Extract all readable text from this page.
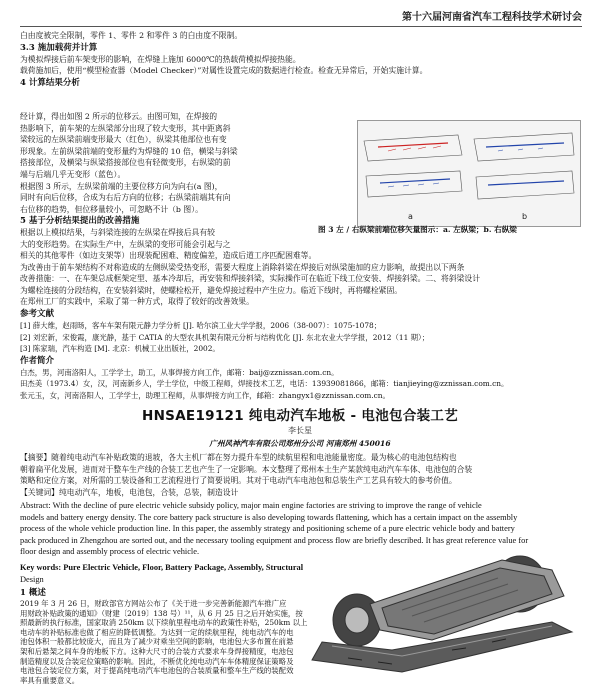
第十六届河南省汽车工程科技学术研讨会

白由度被完全限制，零件 1、零件 2 和零件 3 的白由度不限制。

3.3 施加载荷并计算

为模拟焊接后前车架变形的影响，在焊缝上施加 6000℃的热载荷模拟焊接热能。

载荷施加后，使用“模型检查器（Model Checker）”对属性设置完成的数据进行检查。检查无异常后，开始实施计算。

4 计算结果分析

经计算，得出如图 2 所示的位移云。由图可知，在焊接的

热影响下，前车架的左纵梁部分出现了较大变形，其中距离斜

梁较远的左纵梁前端变形最大（红色），纵梁其他部位也有变

形现象。左前纵梁前端的变形量约为焊缝的 10 倍，横梁与斜梁

搭接部位，及横梁与纵梁搭接部位也有轻微变形，右纵梁的前

端与后端几乎无变形（蓝色）。

根据图 3 所示，左纵梁前端的主要位移方向为向右(a 图)，

同时有向后位移，合成为右后方向的位移；右纵梁前端其有向

右位移的趋势，但位移量较小，可忽略不计（b 图）。

5 基于分析结果提出的改善措施

根据以上模拟结果，与斜梁连接的左纵梁在焊接后具有较

大的变形趋势。在实际生产中，左纵梁的变形可能会引起与之

a	b
图 3 左 / 右纵梁前端位移矢量图示：a. 左纵梁；b. 右纵梁

相关的其他零件（如边支架等）出现装配困难、精度偏差，造成后道工序匹配困难等。

为改善由于前车架结构不对称造成的左侧纵梁受热变形，需要大程度上消除斜梁在焊接后对纵梁施加的应力影响，故提出以下两条

改善措施：一、在车架总成框架定型、基本冷却后，再安装和焊接斜梁，实际操作可在临近下线工位安装、焊接斜梁。二、将斜梁设计

为螺栓连接的分段结构，在安装斜梁时，使螺栓松开，避免焊接过程中产生应力。临近下线时，再将螺栓紧固。

在郑州工厂的实践中，采取了第一种方式，取得了较好的改善效果。

参考文献

[1] 薛大维，赵雨旸，客车车架有限元静力学分析 [J]. 哈尔滨工业大学学报，2006（38-007）：1075-1078；

[2] 刘宏新，宋俊霞，康光静，基于 CATIA 的大型农具机架有限元分析与结构优化 [J]. 东北农业大学学报，2012（11 期）；

[3] 陈家瑞，汽车构造 [M]. 北京：机械工业出版社，2002。

作者简介

白杰，男，河南洛阳人，工学学士，助工，从事焊接方向工作，邮箱：baij@zznissan.com.cn。

田杰美（1973.4）女，汉，河南新乡人，学士学位，中级工程师，焊接技术工艺，电话：13939081866，邮箱：tianjieying@zznissan.com.cn。

张元玉，女，河南洛阳人，工学学士，助理工程师，从事焊接方向工作，邮箱：zhangyx1@zznissan.com.cn。

HNSAE19121 纯电动汽车地板 - 电池包合装工艺
李长星
广州风神汽车有限公司郑州分公司 河南郑州 450016

【摘要】随着纯电动汽车补贴政策的退坡，各大主机厂都在努力提升车型的续航里程和电池能量密度。最为核心的电池包结构也

朝着扁平化发展，进而对于整车生产线的合装工艺也产生了一定影响。本文整理了郑州本土生产某款纯电动汽车车体、电池包的合装

策略和定位方案，对所需的工装设备和工艺流程进行了简要说明。其对于电动汽车电池包和总装生产工艺具有较大的参考价值。

【关键词】纯电动汽车，地板，电池包，合装，总装，制造设计

Abstract: With the decline of pure electric vehicle subsidy policy, major main engine factories are striving to improve the range of vehicle

models and battery energy density. The core battery pack structure is also developing towards flattening, which has a certain impact on the assembly

process of the whole vehicle production line. In this paper, the assembly strategy and positioning scheme of a pure electric vehicle body and battery

pack produced in Zhengzhou are sorted out, and the necessary tooling equipment and process flow are briefly described. It has great reference value for

floor design and assembly process of electric vehicle.

Key words: Pure Electric Vehicle, Floor, Battery Package, Assembly, Structural

Design

1 概述

2019 年 3 月 26 日，财政部官方网站公布了《关于进一步完善新能源汽车推广应

用财政补贴政策的通知》（财建〔2019〕138 号）¹¹，从 6 月 25 日之后开始实施，按

照最新的执行标准，国家取消 250km 以下续航里程电动车的政策性补贴，250km 以上

电动车的补贴标准也做了相应的降低调整。为达到一定的续航里程，纯电动汽车的电

池包体积一般都比较庞大，而且为了减少对乘坐空间的影响，电池包大多布置在前悬

架和后悬架之间车身的地板下方。这种大尺寸的合装方式要求车身焊接精度，电池包

制造精度以及合装定位策略的影响。因此，不断优化纯电动汽车车体精度保证策略及

电池包合装定位方案，对于提高纯电动汽车电池包的合装质量和整车生产线的装配效

率具有重要意义。
